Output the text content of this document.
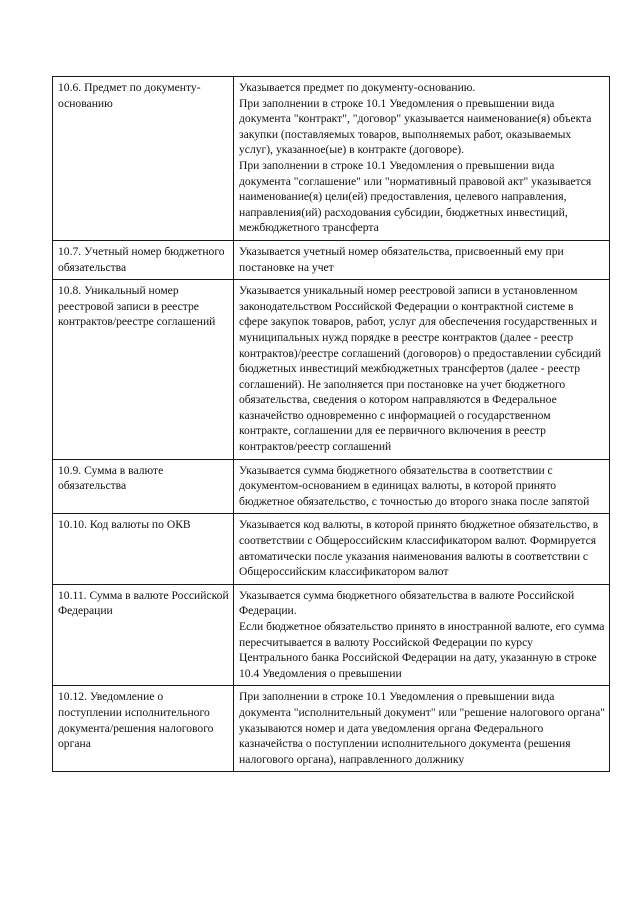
10.6. Предмет по документу-основанию	Указывается предмет по документу-основанию.

При заполнении в строке 10.1 Уведомления о превышении вида документа "контракт", "договор" указывается наименование(я) объекта закупки (поставляемых товаров, выполняемых работ, оказываемых услуг), указанное(ые) в контракте (договоре).

При заполнении в строке 10.1 Уведомления о превышении вида документа "соглашение" или "нормативный правовой акт" указывается наименование(я) цели(ей) предоставления, целевого направления, направления(ий) расходования субсидии, бюджетных инвестиций, межбюджетного трансферта

10.7. Учетный номер бюджетного обязательства	Указывается учетный номер обязательства, присвоенный ему при постановке на учет

10.8. Уникальный номер реестровой записи в реестре контрактов/реестре соглашений	Указывается уникальный номер реестровой записи в установленном законодательством Российской Федерации о контрактной системе в сфере закупок товаров, работ, услуг для обеспечения государственных и муниципальных нужд порядке в реестре контрактов (далее - реестр контрактов)/реестре соглашений (договоров) о предоставлении субсидий бюджетных инвестиций межбюджетных трансфертов (далее - реестр соглашений). Не заполняется при постановке на учет бюджетного обязательства, сведения о котором направляются в Федеральное казначейство одновременно с информацией о государственном контракте, соглашении для ее первичного включения в реестр контрактов/реестр соглашений

10.9. Сумма в валюте обязательства	Указывается сумма бюджетного обязательства в соответствии с документом-основанием в единицах валюты, в которой принято бюджетное обязательство, с точностью до второго знака после запятой

10.10. Код валюты по ОКВ	Указывается код валюты, в которой принято бюджетное обязательство, в соответствии с Общероссийским классификатором валют. Формируется автоматически после указания наименования валюты в соответствии с Общероссийским классификатором валют

10.11. Сумма в валюте Российской Федерации	Указывается сумма бюджетного обязательства в валюте Российской Федерации.

Если бюджетное обязательство принято в иностранной валюте, его сумма пересчитывается в валюту Российской Федерации по курсу Центрального банка Российской Федерации на дату, указанную в строке 10.4 Уведомления о превышении

10.12. Уведомление о поступлении исполнительного документа/решения налогового органа	При заполнении в строке 10.1 Уведомления о превышении вида документа "исполнительный документ" или "решение налогового органа" указываются номер и дата уведомления органа Федерального казначейства о поступлении исполнительного документа (решения налогового органа), направленного должнику
